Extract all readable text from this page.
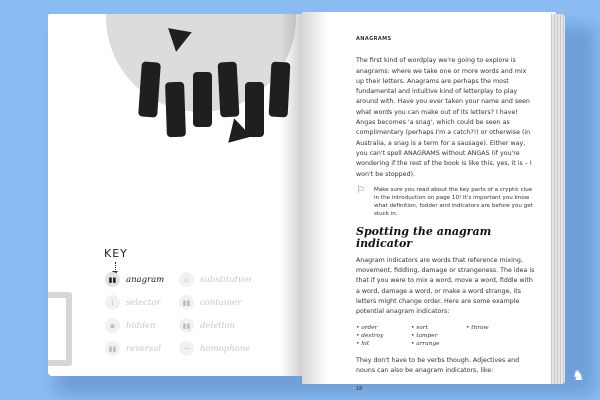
KEY
▮▮	anagram
i	selector
▪	hidden
▮▮	reversal
▫	substitution
▮▮	container
▮▮	deletion
~	homophone
ANAGRAMS

The first kind of wordplay we're going to explore is anagrams: where we take one or more words and mix up their letters. Anagrams are perhaps the most fundamental and intuitive kind of letterplay to play around with. Have you ever taken your name and seen what words you can make out of its letters? I have! Angas becomes 'a snag', which could be seen as complimentary (perhaps I'm a catch?!) or otherwise (in Australia, a snag is a term for a sausage). Either way, you can't spell ANAGRAMS without ANGAS (if you're wondering if the rest of the book is like this, yes, it is – I won't be stopped).

⚐	Make sure you read about the key parts of a cryptic clue in the introduction on page 10! It's important you know what definition, fodder and indicators are before you get stuck in.
Spotting the anagram indicator

Anagram indicators are words that reference mixing, movement, fiddling, damage or strangeness. The idea is that if you were to mix a word, move a word, fiddle with a word, damage a word, or make a word strange, its letters might change order. Here are some example potential anagram indicators:

• order
• destroy
• hit
• sort
• tamper
• arrange
• throw

They don't have to be verbs though. Adjectives and nouns can also be anagram indicators, like:

18
♞
